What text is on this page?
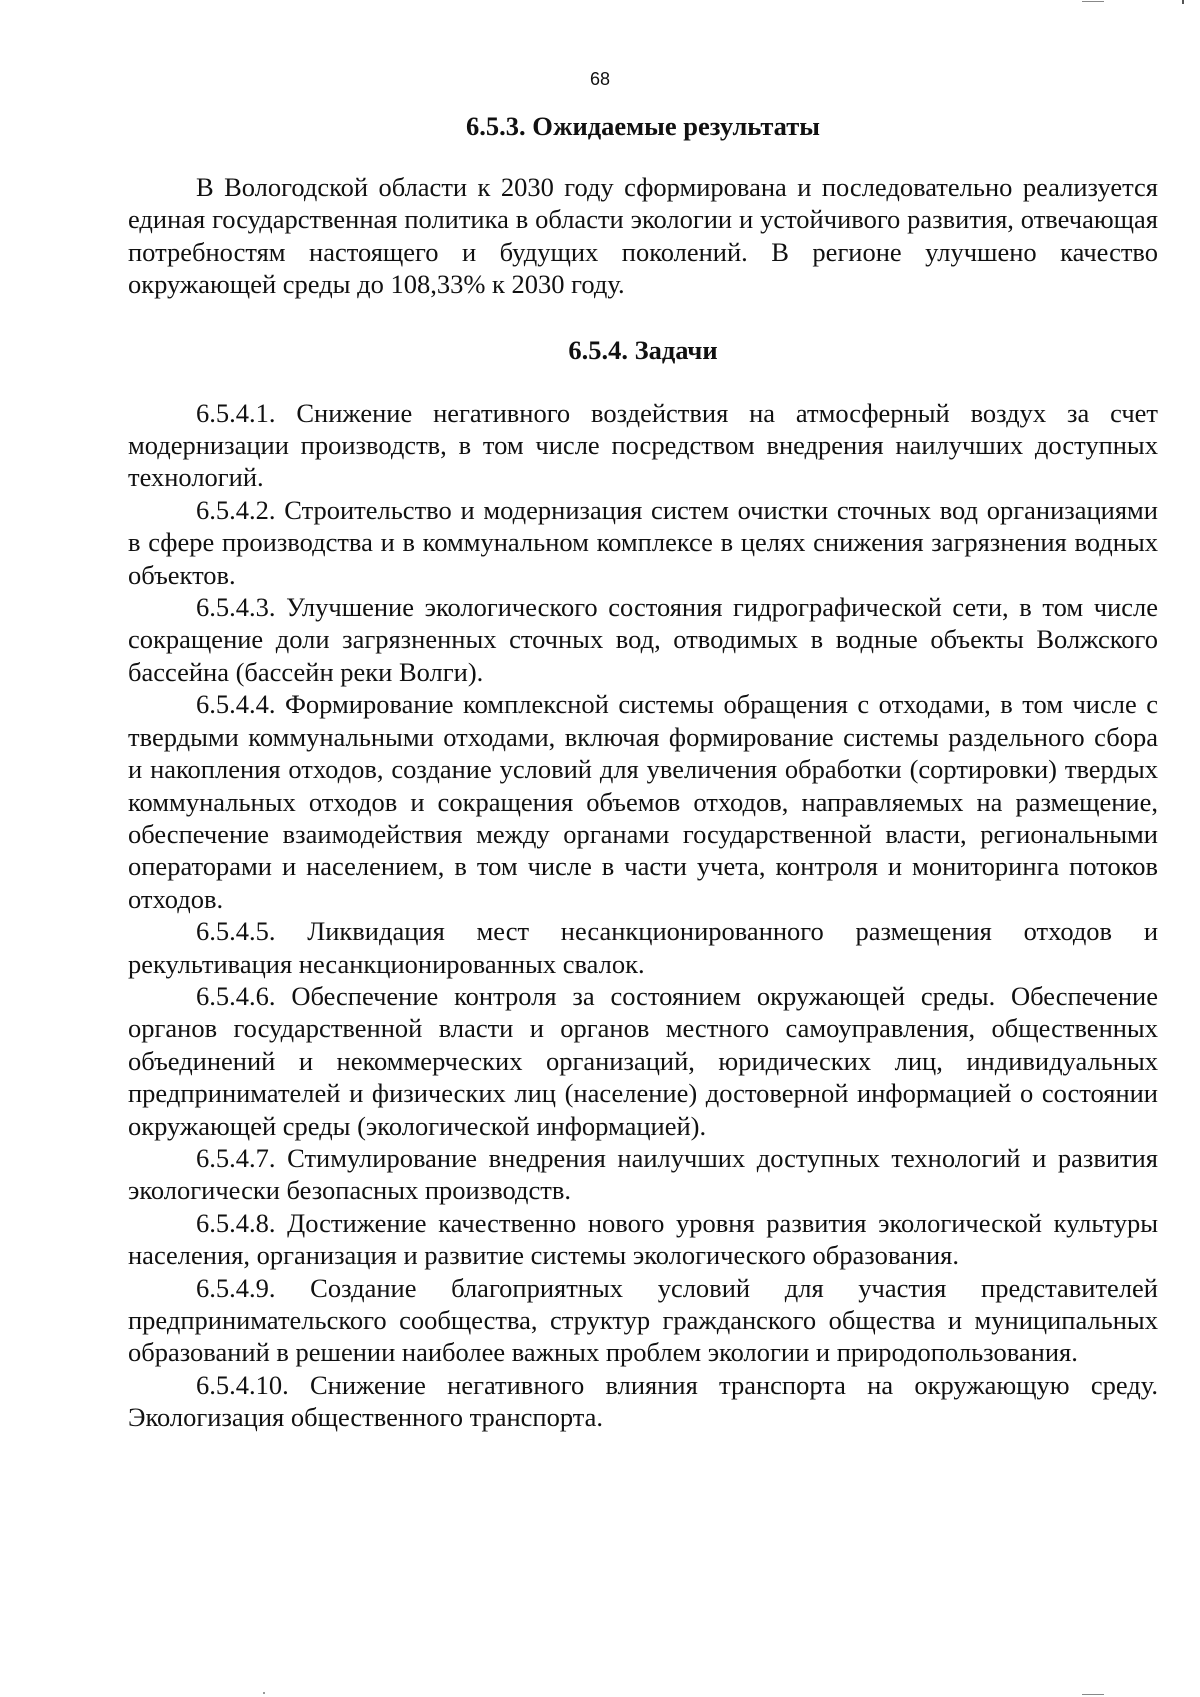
68
6.5.3. Ожидаемые результаты

В Вологодской области к 2030 году сформирована и последовательно реализуется единая государственная политика в области экологии и устойчивого развития, отвечающая потребностям настоящего и будущих поколений. В регионе улучшено качество окружающей среды до 108,33% к 2030 году.

6.5.4. Задачи

6.5.4.1. Снижение негативного воздействия на атмосферный воздух за счет модернизации производств, в том числе посредством внедрения наилучших доступных технологий.

6.5.4.2. Строительство и модернизация систем очистки сточных вод организациями в сфере производства и в коммунальном комплексе в целях снижения загрязнения водных объектов.

6.5.4.3. Улучшение экологического состояния гидрографической сети, в том числе сокращение доли загрязненных сточных вод, отводимых в водные объекты Волжского бассейна (бассейн реки Волги).

6.5.4.4. Формирование комплексной системы обращения с отходами, в том числе с твердыми коммунальными отходами, включая формирование системы раздельного сбора и накопления отходов, создание условий для увеличения обработки (сортировки) твердых коммунальных отходов и сокращения объемов отходов, направляемых на размещение, обеспечение взаимодействия между органами государственной власти, региональными операторами и населением, в том числе в части учета, контроля и мониторинга потоков отходов.

6.5.4.5. Ликвидация мест несанкционированного размещения отходов и рекультивация несанкционированных свалок.

6.5.4.6. Обеспечение контроля за состоянием окружающей среды. Обеспечение органов государственной власти и органов местного самоуправления, общественных объединений и некоммерческих организаций, юридических лиц, индивидуальных предпринимателей и физических лиц (население) достоверной информацией о состоянии окружающей среды (экологической информацией).

6.5.4.7. Стимулирование внедрения наилучших доступных технологий и развития экологически безопасных производств.

6.5.4.8. Достижение качественно нового уровня развития экологической культуры населения, организация и развитие системы экологического образования.

6.5.4.9. Создание благоприятных условий для участия представителей предпринимательского сообщества, структур гражданского общества и муниципальных образований в решении наиболее важных проблем экологии и природопользования.

6.5.4.10. Снижение негативного влияния транспорта на окружающую среду. Экологизация общественного транспорта.
